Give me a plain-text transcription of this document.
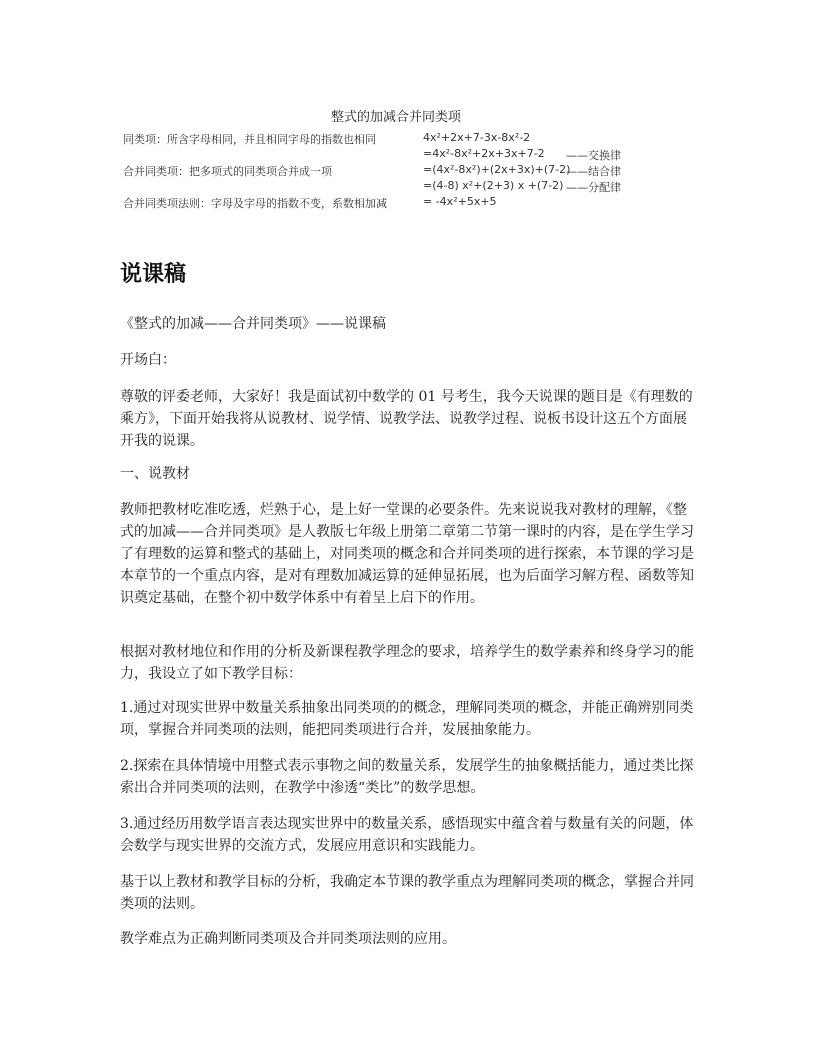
整式的加减合并同类项
同类项：所含字母相同，并且相同字母的指数也相同	4x²+2x+7-3x-8x²-2
=4x²-8x²+2x+3x+7-2 ——交换律
合并同类项：把多项式的同类项合并成一项	=(4x²-8x²)+(2x+3x)+(7-2)
——结合律
=(4-8) x²+(2+3) x +(7-2) ——分配律
合并同类项法则：字母及字母的指数不变，系数相加减	= -4x²+5x+5
说课稿
《整式的加减——合并同类项》——说课稿
开场白：
尊敬的评委老师，大家好！我是面试初中数学的 01 号考生，我今天说课的题目是《有理数的乘方》，下面开始我将从说教材、说学情、说教学法、说教学过程、说板书设计这五个方面展开我的说课。
一、说教材
教师把教材吃准吃透，烂熟于心，是上好一堂课的必要条件。先来说说我对教材的理解，《整式的加减——合并同类项》是人教版七年级上册第二章第二节第一课时的内容，是在学生学习了有理数的运算和整式的基础上，对同类项的概念和合并同类项的进行探索，本节课的学习是本章节的一个重点内容，是对有理数加减运算的延伸显拓展，也为后面学习解方程、函数等知识奠定基础，在整个初中数学体系中有着呈上启下的作用。
根据对教材地位和作用的分析及新课程教学理念的要求，培养学生的数学素养和终身学习的能力，我设立了如下教学目标：
1.通过对现实世界中数量关系抽象出同类项的的概念，理解同类项的概念，并能正确辨别同类项，掌握合并同类项的法则，能把同类项进行合并，发展抽象能力。
2.探索在具体情境中用整式表示事物之间的数量关系，发展学生的抽象概括能力，通过类比探索出合并同类项的法则，在教学中渗透“类比”的数学思想。
3.通过经历用数学语言表达现实世界中的数量关系，感悟现实中蕴含着与数量有关的问题，体会数学与现实世界的交流方式，发展应用意识和实践能力。
基于以上教材和教学目标的分析，我确定本节课的教学重点为理解同类项的概念，掌握合并同类项的法则。
教学难点为正确判断同类项及合并同类项法则的应用。
